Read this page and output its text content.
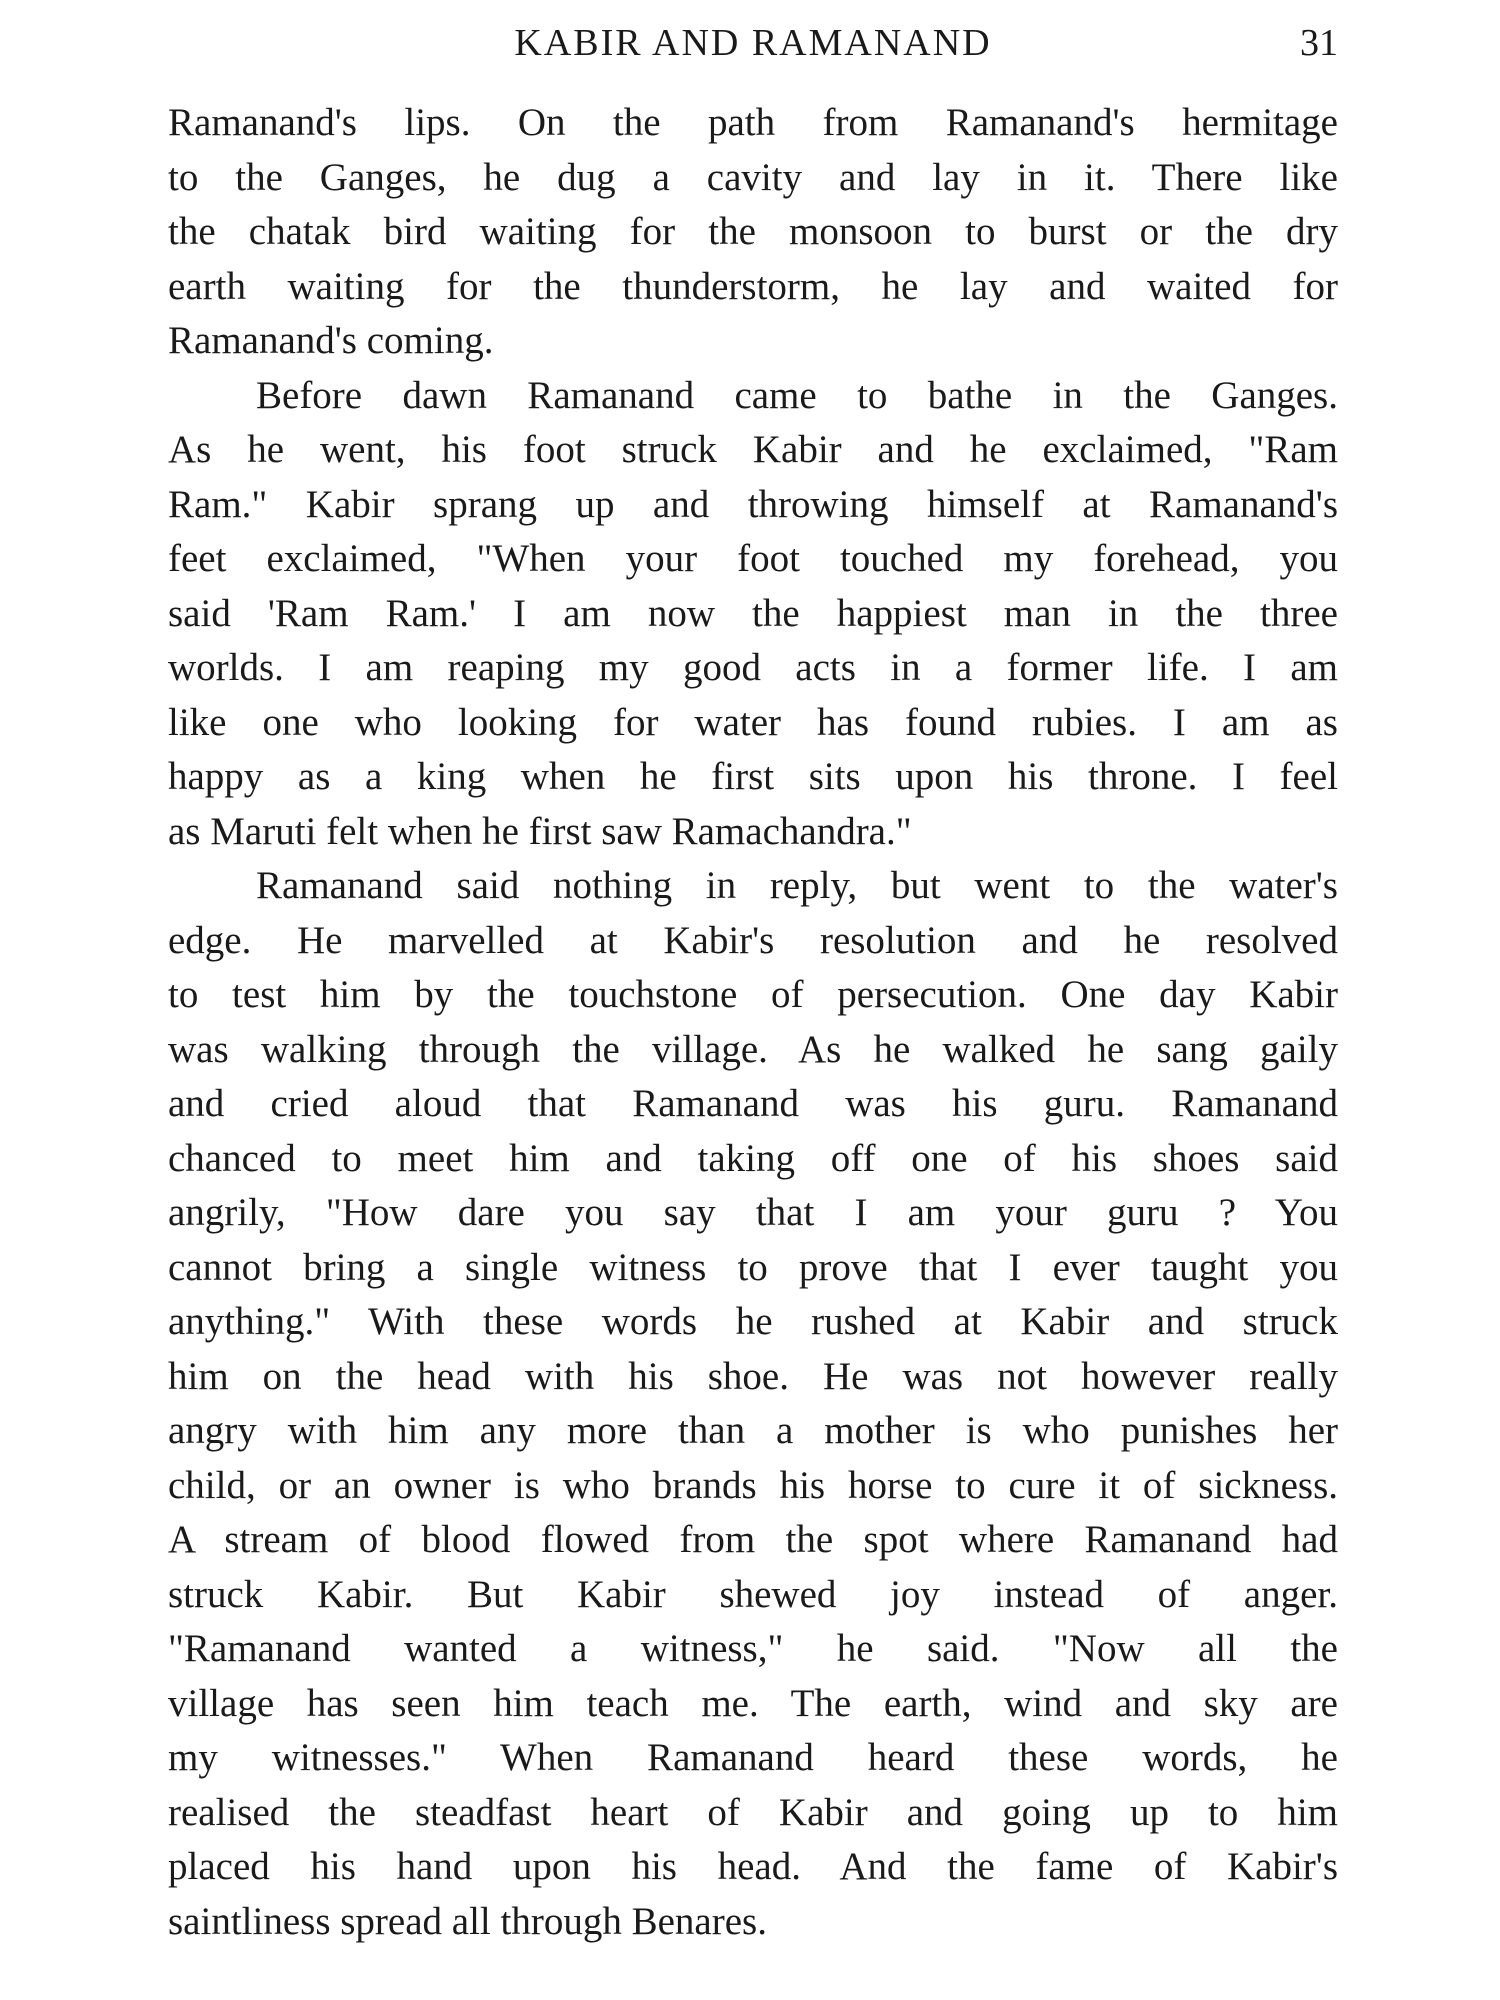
KABIR AND RAMANAND	31
Ramanand's lips. On the path from Ramanand's hermitage
to the Ganges, he dug a cavity and lay in it. There like
the chatak bird waiting for the monsoon to burst or the dry
earth waiting for the thunderstorm, he lay and waited for
Ramanand's coming.
Before dawn Ramanand came to bathe in the Ganges.
As he went, his foot struck Kabir and he exclaimed, "Ram
Ram." Kabir sprang up and throwing himself at Ramanand's
feet exclaimed, "When your foot touched my forehead, you
said 'Ram Ram.' I am now the happiest man in the three
worlds. I am reaping my good acts in a former life. I am
like one who looking for water has found rubies. I am as
happy as a king when he first sits upon his throne. I feel
as Maruti felt when he first saw Ramachandra."
Ramanand said nothing in reply, but went to the water's
edge. He marvelled at Kabir's resolution and he resolved
to test him by the touchstone of persecution. One day Kabir
was walking through the village. As he walked he sang gaily
and cried aloud that Ramanand was his guru. Ramanand
chanced to meet him and taking off one of his shoes said
angrily, "How dare you say that I am your guru ? You
cannot bring a single witness to prove that I ever taught you
anything." With these words he rushed at Kabir and struck
him on the head with his shoe. He was not however really
angry with him any more than a mother is who punishes her
child, or an owner is who brands his horse to cure it of sickness.
A stream of blood flowed from the spot where Ramanand had
struck Kabir. But Kabir shewed joy instead of anger.
"Ramanand wanted a witness," he said. "Now all the
village has seen him teach me. The earth, wind and sky are
my witnesses." When Ramanand heard these words, he
realised the steadfast heart of Kabir and going up to him
placed his hand upon his head. And the fame of Kabir's
saintliness spread all through Benares.
